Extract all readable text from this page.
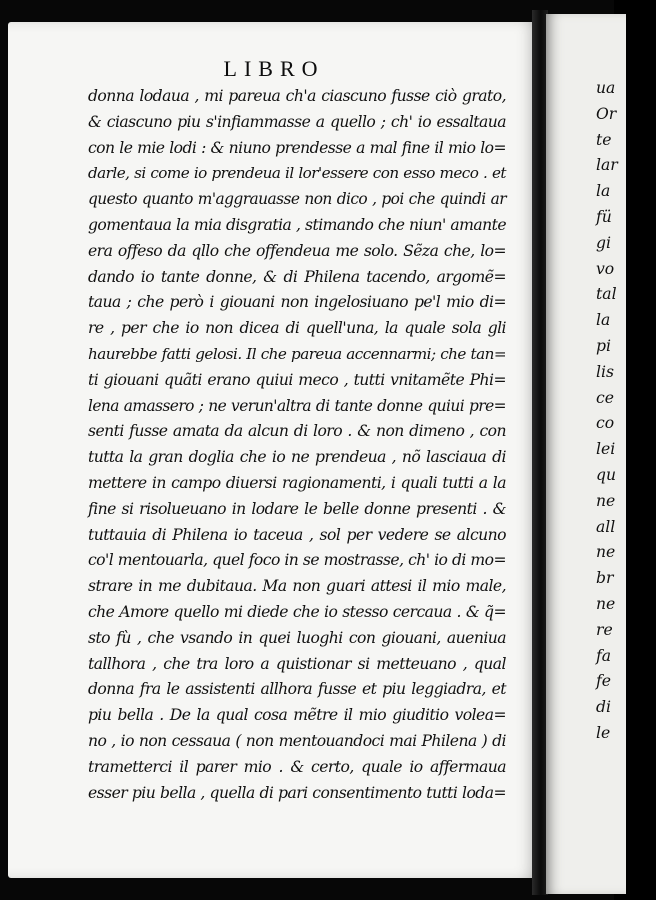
LIBRO
donna lodaua , mi pareua ch'a ciascuno fusse ciò grato,
& ciascuno piu s'infiammasse a quello ; ch' io essaltaua
con le mie lodi : & niuno prendesse a mal fine il mio lo=
darle, si come io prendeua il lor'essere con esso meco . et
questo quanto m'aggrauasse non dico , poi che quindi ar
gomentaua la mia disgratia , stimando che niun' amante
era offeso da qllo che offendeua me solo. Sẽza che, lo=
dando io tante donne, & di Philena tacendo, argomẽ=
taua ; che però i giouani non ingelosiuano pe'l mio di=
re , per che io non dicea di quell'una, la quale sola gli
haurebbe fatti gelosi. Il che pareua accennarmi; che tan=
ti giouani quãti erano quiui meco , tutti vnitamẽte Phi=
lena amassero ; ne verun'altra di tante donne quiui pre=
senti fusse amata da alcun di loro . & non dimeno , con
tutta la gran doglia che io ne prendeua , nõ lasciaua di
mettere in campo diuersi ragionamenti, i quali tutti a la
fine si risolueuano in lodare le belle donne presenti . &
tuttauia di Philena io taceua , sol per vedere se alcuno
co'l mentouarla, quel foco in se mostrasse, ch' io di mo=
strare in me dubitaua. Ma non guari attesi il mio male,
che Amore quello mi diede che io stesso cercaua . & q̃=
sto fù , che vsando in quei luoghi con giouani, aueniua
tallhora , che tra loro a quistionar si metteuano , qual
donna fra le assistenti allhora fusse et piu leggiadra, et
piu bella . De la qual cosa mẽtre il mio giuditio volea=
no , io non cessaua ( non mentouandoci mai Philena ) di
trametterci il parer mio . & certo, quale io affermaua
esser piu bella , quella di pari consentimento tutti loda=
ua
Or
te
lar
la
fü
gi
vo
tal
la
pi
lis
ce
co
lei
qu
ne
all
ne
br
ne
re
fa
fe
di
le
